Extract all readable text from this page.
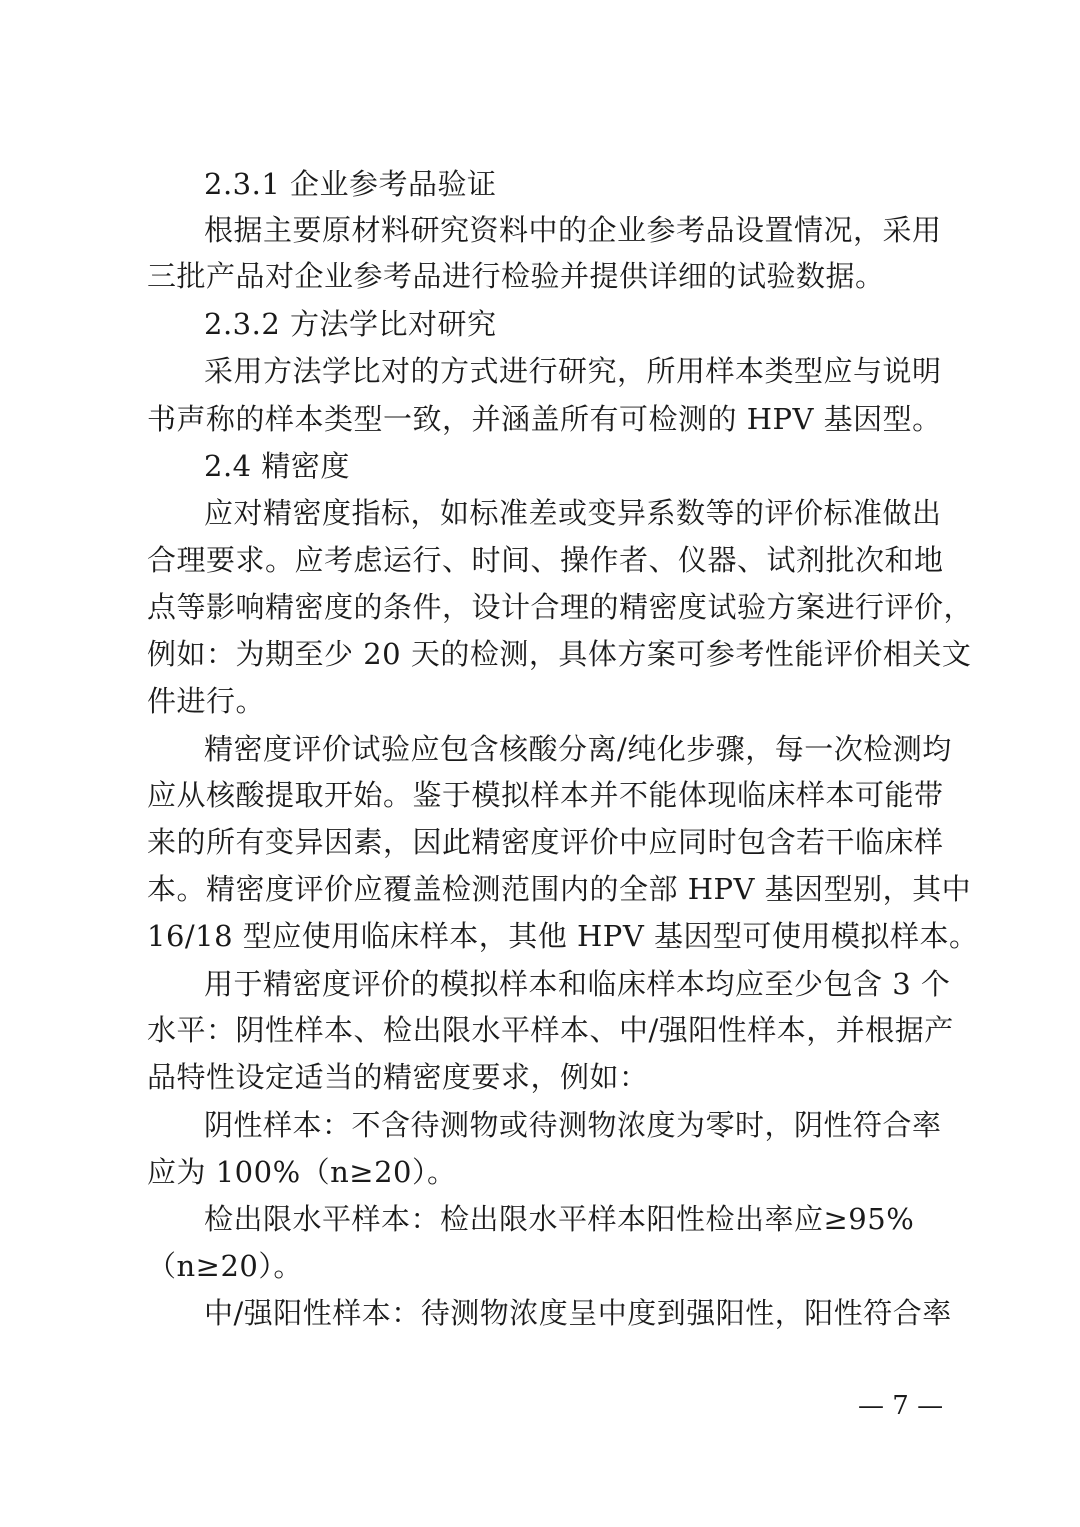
2.3.1 企业参考品验证
根据主要原材料研究资料中的企业参考品设置情况，采用
三批产品对企业参考品进行检验并提供详细的试验数据。
2.3.2 方法学比对研究
采用方法学比对的方式进行研究，所用样本类型应与说明
书声称的样本类型一致，并涵盖所有可检测的 HPV 基因型。
2.4 精密度
应对精密度指标，如标准差或变异系数等的评价标准做出
合理要求。应考虑运行、时间、操作者、仪器、试剂批次和地
点等影响精密度的条件，设计合理的精密度试验方案进行评价，
例如：为期至少 20 天的检测，具体方案可参考性能评价相关文
件进行。
精密度评价试验应包含核酸分离/纯化步骤，每一次检测均
应从核酸提取开始。鉴于模拟样本并不能体现临床样本可能带
来的所有变异因素，因此精密度评价中应同时包含若干临床样
本。精密度评价应覆盖检测范围内的全部 HPV 基因型别，其中
16/18 型应使用临床样本，其他 HPV 基因型可使用模拟样本。
用于精密度评价的模拟样本和临床样本均应至少包含 3 个
水平：阴性样本、检出限水平样本、中/强阳性样本，并根据产
品特性设定适当的精密度要求，例如：
阴性样本：不含待测物或待测物浓度为零时，阴性符合率
应为 100%（n≥20）。
检出限水平样本：检出限水平样本阳性检出率应≥95%
（n≥20）。
中/强阳性样本：待测物浓度呈中度到强阳性，阳性符合率
— 7 —
